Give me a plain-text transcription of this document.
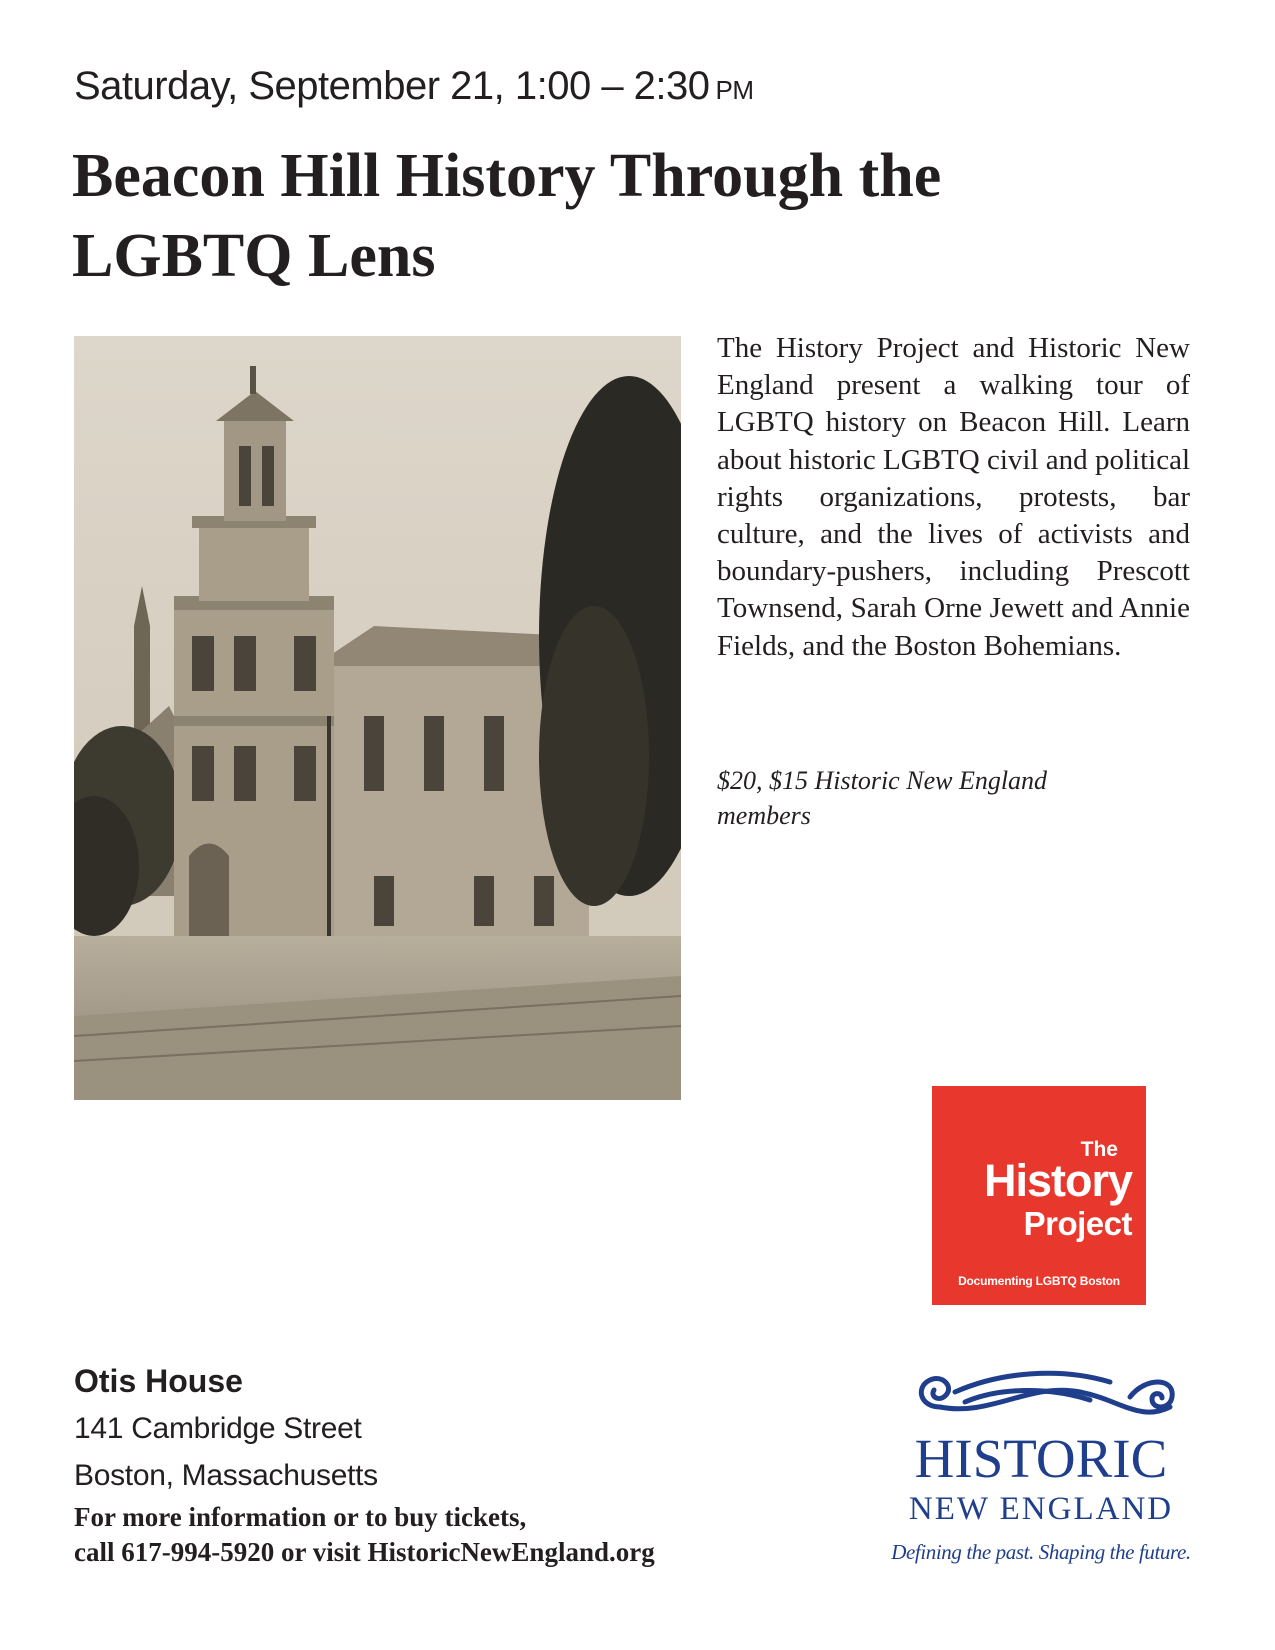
Saturday, September 21, 1:00 – 2:30 PM
Beacon Hill History Through the
LGBTQ Lens

The History Project and Historic New England present a walking tour of LGBTQ history on Beacon Hill. Learn about historic LGBTQ civil and political rights organizations, protests, bar culture, and the lives of activists and boundary-pushers, including Prescott Townsend, Sarah Orne Jewett and Annie Fields, and the Boston Bohemians.

$20, $15 Historic New England
members

The
History
Project
Documenting LGBTQ Boston
Otis House
141 Cambridge Street
Boston, Massachusetts
For more information or to buy tickets,
call 617-994-5920 or visit HistoricNewEngland.org
HISTORIC
NEW ENGLAND
Defining the past. Shaping the future.
